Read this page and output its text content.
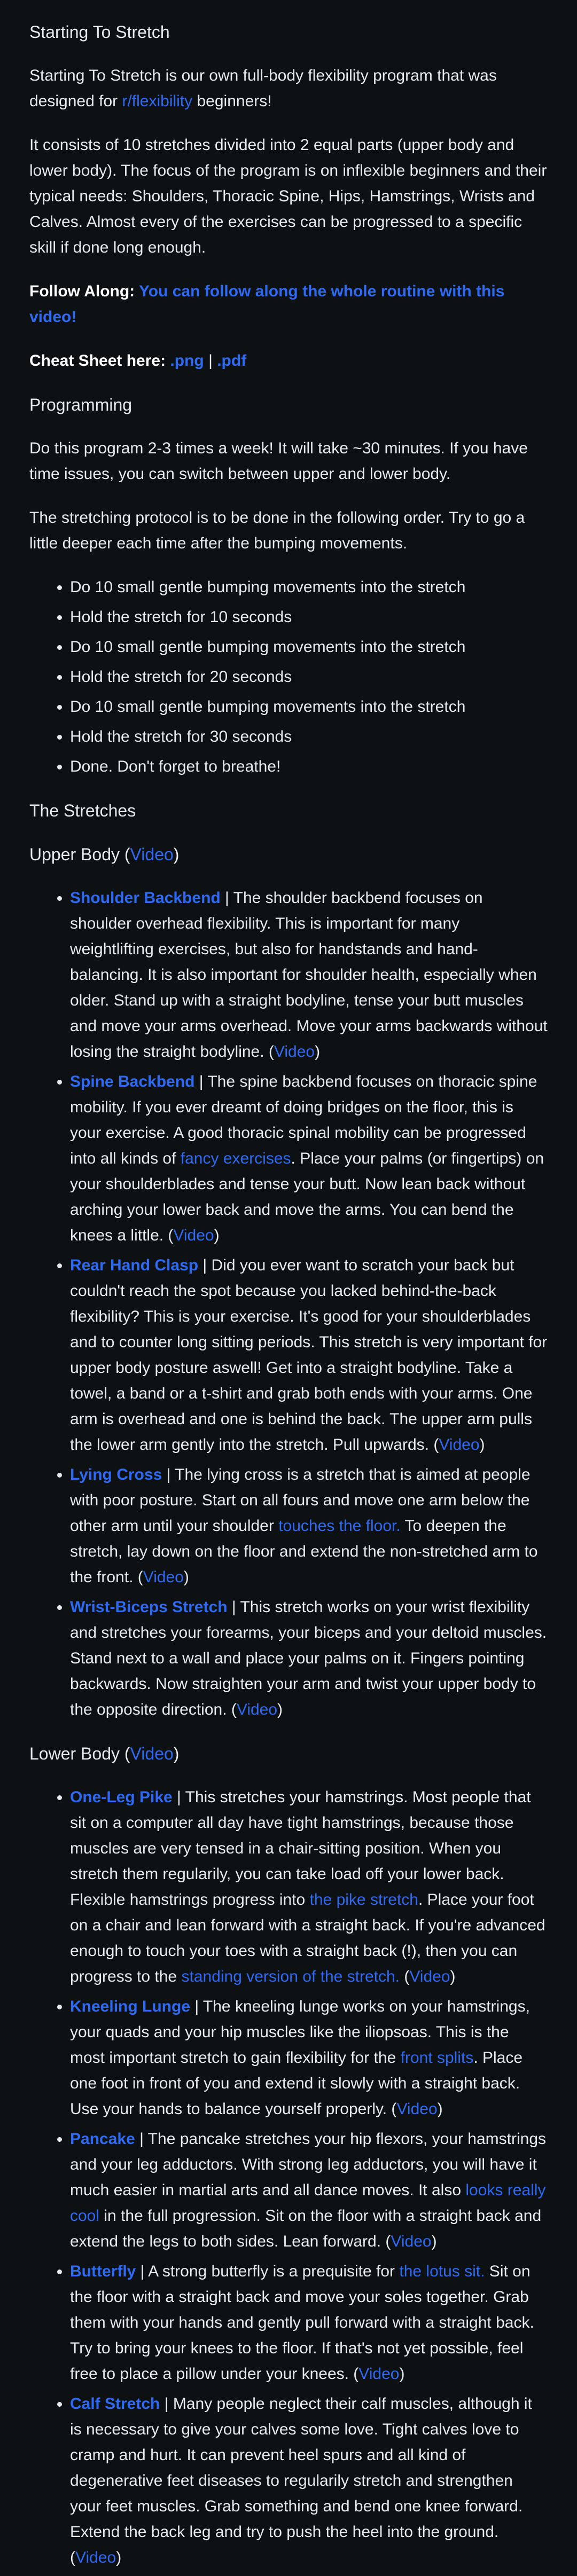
Starting To Stretch

Starting To Stretch is our own full-body flexibility program that was designed for r/flexibility beginners!

It consists of 10 stretches divided into 2 equal parts (upper body and lower body). The focus of the program is on inflexible beginners and their typical needs: Shoulders, Thoracic Spine, Hips, Hamstrings, Wrists and Calves. Almost every of the exercises can be progressed to a specific skill if done long enough.

Follow Along: You can follow along the whole routine with this video!

Cheat Sheet here: .png | .pdf

Programming

Do this program 2-3 times a week! It will take ~30 minutes. If you have time issues, you can switch between upper and lower body.

The stretching protocol is to be done in the following order. Try to go a little deeper each time after the bumping movements.

• Do 10 small gentle bumping movements into the stretch
• Hold the stretch for 10 seconds
• Do 10 small gentle bumping movements into the stretch
• Hold the stretch for 20 seconds
• Do 10 small gentle bumping movements into the stretch
• Hold the stretch for 30 seconds
• Done. Don't forget to breathe!
The Stretches
Upper Body (Video)
• Shoulder Backbend | The shoulder backbend focuses on shoulder overhead flexibility. This is important for many weightlifting exercises, but also for handstands and hand-balancing. It is also important for shoulder health, especially when older. Stand up with a straight bodyline, tense your butt muscles and move your arms overhead. Move your arms backwards without losing the straight bodyline. (Video)
• Spine Backbend | The spine backbend focuses on thoracic spine mobility. If you ever dreamt of doing bridges on the floor, this is your exercise. A good thoracic spinal mobility can be progressed into all kinds of fancy exercises. Place your palms (or fingertips) on your shoulderblades and tense your butt. Now lean back without arching your lower back and move the arms. You can bend the knees a little. (Video)
• Rear Hand Clasp | Did you ever want to scratch your back but couldn't reach the spot because you lacked behind-the-back flexibility? This is your exercise. It's good for your shoulderblades and to counter long sitting periods. This stretch is very important for upper body posture aswell! Get into a straight bodyline. Take a towel, a band or a t-shirt and grab both ends with your arms. One arm is overhead and one is behind the back. The upper arm pulls the lower arm gently into the stretch. Pull upwards. (Video)
• Lying Cross | The lying cross is a stretch that is aimed at people with poor posture. Start on all fours and move one arm below the other arm until your shoulder touches the floor. To deepen the stretch, lay down on the floor and extend the non-stretched arm to the front. (Video)
• Wrist-Biceps Stretch | This stretch works on your wrist flexibility and stretches your forearms, your biceps and your deltoid muscles. Stand next to a wall and place your palms on it. Fingers pointing backwards. Now straighten your arm and twist your upper body to the opposite direction. (Video)
Lower Body (Video)
• One-Leg Pike | This stretches your hamstrings. Most people that sit on a computer all day have tight hamstrings, because those muscles are very tensed in a chair-sitting position. When you stretch them regularily, you can take load off your lower back. Flexible hamstrings progress into the pike stretch. Place your foot on a chair and lean forward with a straight back. If you're advanced enough to touch your toes with a straight back (!), then you can progress to the standing version of the stretch. (Video)
• Kneeling Lunge | The kneeling lunge works on your hamstrings, your quads and your hip muscles like the iliopsoas. This is the most important stretch to gain flexibility for the front splits. Place one foot in front of you and extend it slowly with a straight back. Use your hands to balance yourself properly. (Video)
• Pancake | The pancake stretches your hip flexors, your hamstrings and your leg adductors. With strong leg adductors, you will have it much easier in martial arts and all dance moves. It also looks really cool in the full progression. Sit on the floor with a straight back and extend the legs to both sides. Lean forward. (Video)
• Butterfly | A strong butterfly is a prequisite for the lotus sit. Sit on the floor with a straight back and move your soles together. Grab them with your hands and gently pull forward with a straight back. Try to bring your knees to the floor. If that's not yet possible, feel free to place a pillow under your knees. (Video)
• Calf Stretch | Many people neglect their calf muscles, although it is necessary to give your calves some love. Tight calves love to cramp and hurt. It can prevent heel spurs and all kind of degenerative feet diseases to regularily stretch and strengthen your feet muscles. Grab something and bend one knee forward. Extend the back leg and try to push the heel into the ground. (Video)
